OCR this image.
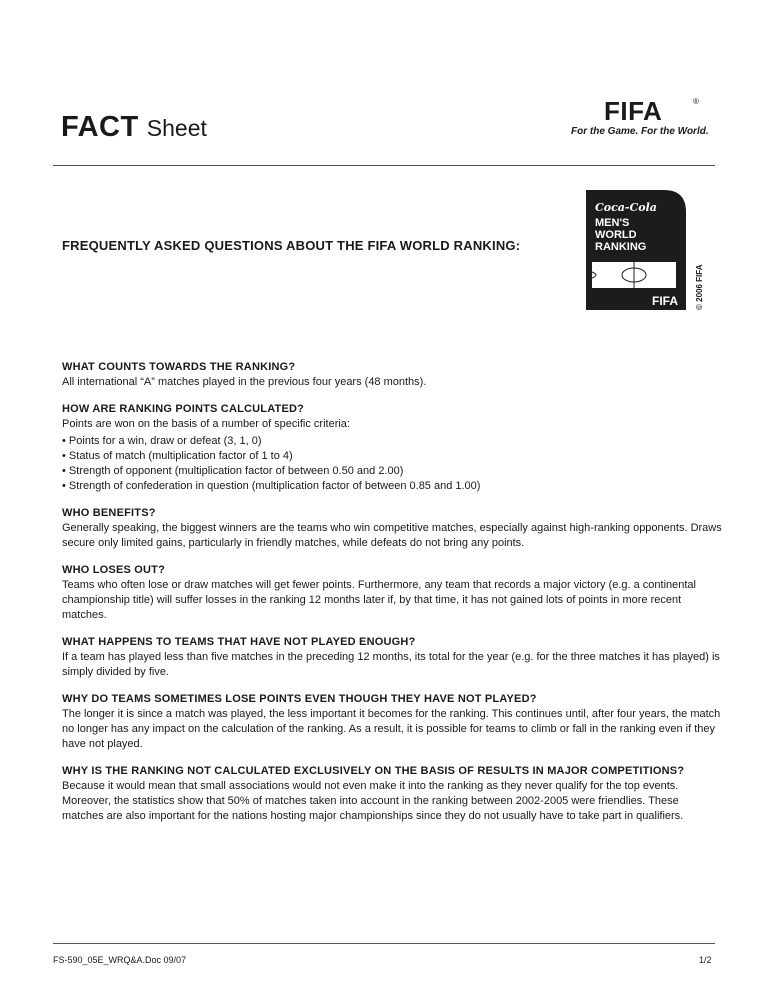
FACT Sheet
FIFA	®
For the Game. For the World.
Coca-Cola
MEN'S
WORLD
RANKING
FIFA © 2006 FIFA
FREQUENTLY ASKED QUESTIONS ABOUT THE FIFA WORLD RANKING:
WHAT COUNTS TOWARDS THE RANKING?

All international “A” matches played in the previous four years (48 months).

HOW ARE RANKING POINTS CALCULATED?

Points are won on the basis of a number of specific criteria:

• Points for a win, draw or defeat (3, 1, 0)
• Status of match (multiplication factor of 1 to 4)
• Strength of opponent (multiplication factor of between 0.50 and 2.00)
• Strength of confederation in question (multiplication factor of between 0.85 and 1.00)
WHO BENEFITS?

Generally speaking, the biggest winners are the teams who win competitive matches, especially against high-ranking opponents. Draws secure only limited gains, particularly in friendly matches, while defeats do not bring any points.

WHO LOSES OUT?

Teams who often lose or draw matches will get fewer points. Furthermore, any team that records a major victory (e.g. a continental championship title) will suffer losses in the ranking 12 months later if, by that time, it has not gained lots of points in more recent matches.

WHAT HAPPENS TO TEAMS THAT HAVE NOT PLAYED ENOUGH?

If a team has played less than five matches in the preceding 12 months, its total for the year (e.g. for the three matches it has played) is simply divided by five.

WHY DO TEAMS SOMETIMES LOSE POINTS EVEN THOUGH THEY HAVE NOT PLAYED?

The longer it is since a match was played, the less important it becomes for the ranking. This continues until, after four years, the match no longer has any impact on the calculation of the ranking. As a result, it is possible for teams to climb or fall in the ranking even if they have not played.

WHY IS THE RANKING NOT CALCULATED EXCLUSIVELY ON THE BASIS OF RESULTS IN MAJOR COMPETITIONS?

Because it would mean that small associations would not even make it into the ranking as they never qualify for the top events. Moreover, the statistics show that 50% of matches taken into account in the ranking between 2002-2005 were friendlies. These matches are also important for the nations hosting major championships since they do not usually have to take part in qualifiers.

FS-590_05E_WRQ&A.Doc 09/07	1/2
